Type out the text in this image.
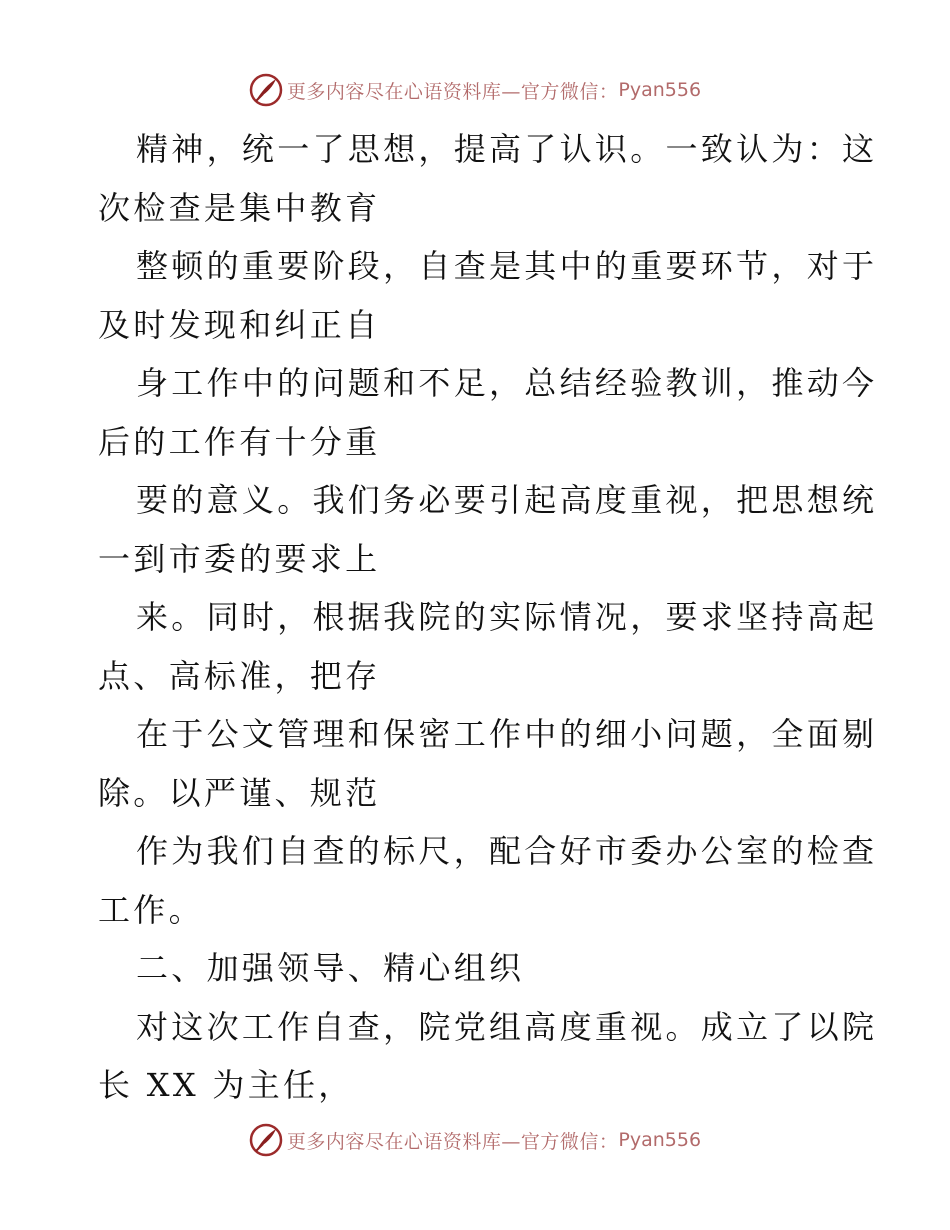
更多内容尽在心语资料库—官方微信： Pyan556
精神，统一了思想，提高了认识。一致认为：这
次检查是集中教育
整顿的重要阶段，自查是其中的重要环节，对于
及时发现和纠正自
身工作中的问题和不足，总结经验教训，推动今
后的工作有十分重
要的意义。我们务必要引起高度重视，把思想统
一到市委的要求上
来。同时，根据我院的实际情况，要求坚持高起
点、高标准，把存
在于公文管理和保密工作中的细小问题，全面剔
除。以严谨、规范
作为我们自查的标尺，配合好市委办公室的检查
工作。
二、加强领导、精心组织
对这次工作自查，院党组高度重视。成立了以院
长 XX 为主任，
更多内容尽在心语资料库—官方微信： Pyan556
